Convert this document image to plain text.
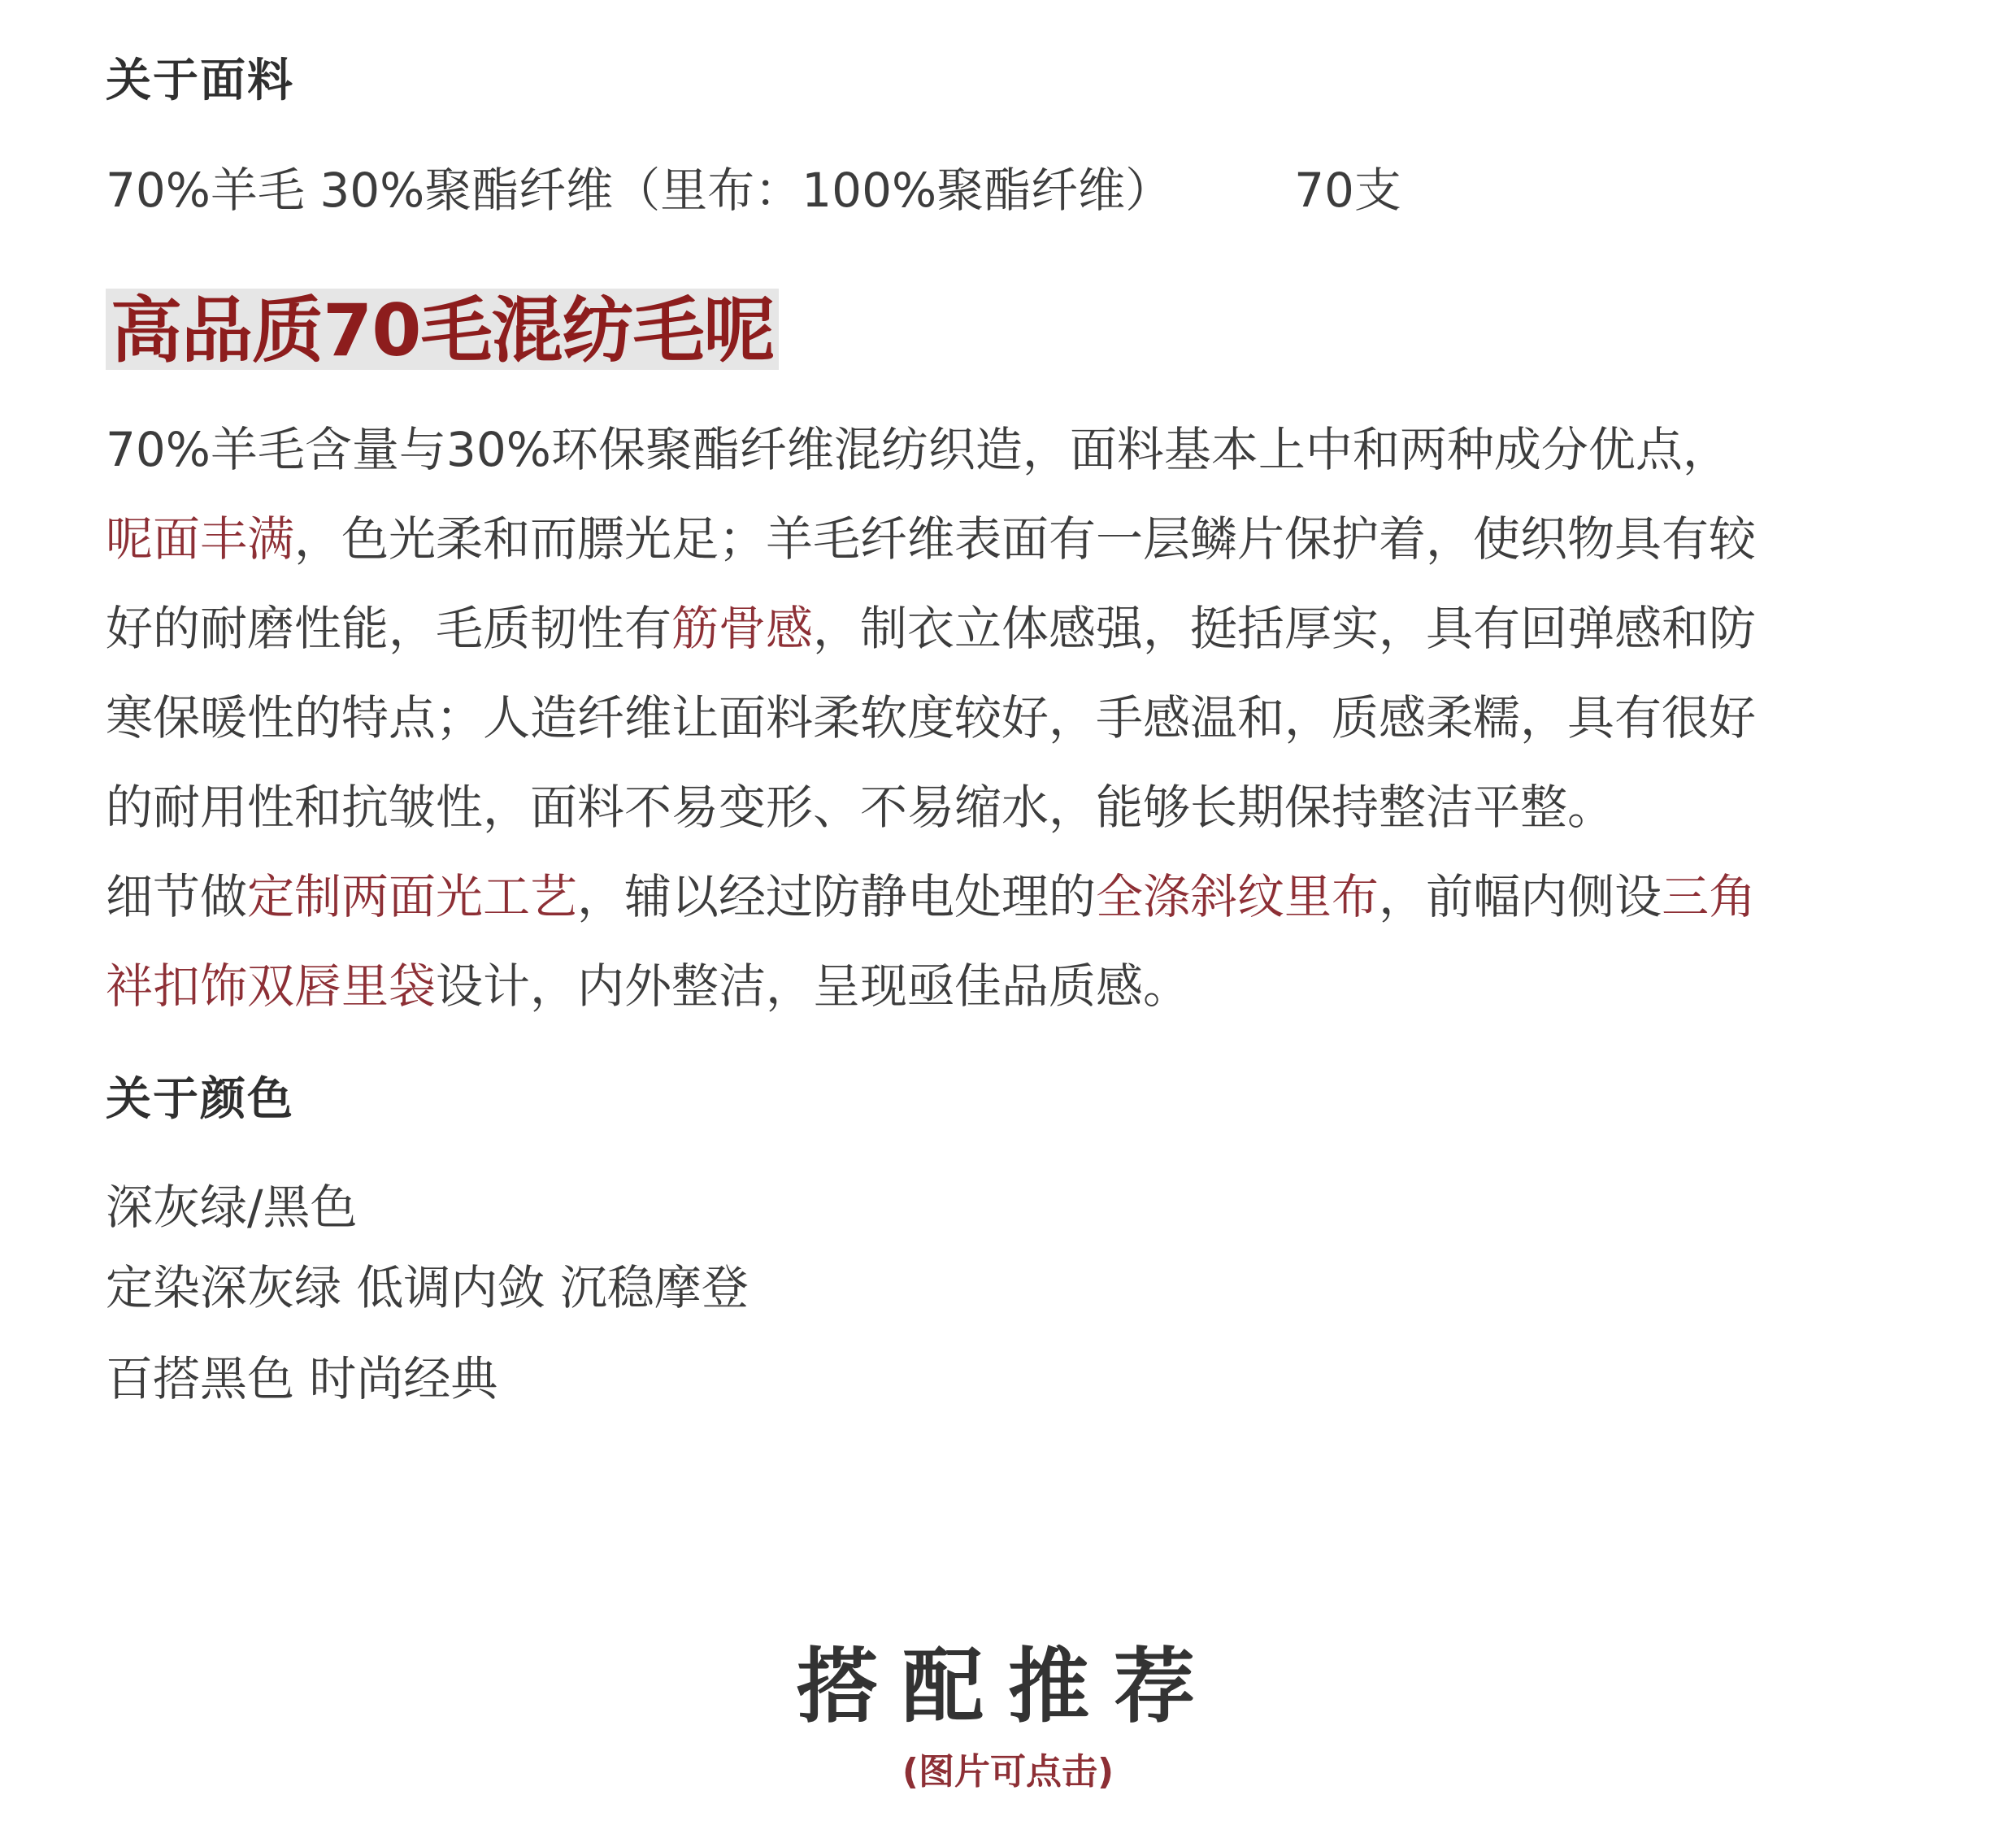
关于面料
70%羊毛 30%聚酯纤维（里布：100%聚酯纤维）	70支
高品质70毛混纺毛呢
70%羊毛含量与30%环保聚酯纤维混纺织造，面料基本上中和两种成分优点，
呢面丰满，色光柔和而膘光足；羊毛纤维表面有一层鳞片保护着，使织物具有较
好的耐磨性能，毛质韧性有筋骨感，制衣立体感强，挺括厚实，具有回弹感和防
寒保暖性的特点；人造纤维让面料柔软度较好，手感温和，质感柔糯，具有很好
的耐用性和抗皱性，面料不易变形、不易缩水，能够长期保持整洁平整。
细节做定制两面光工艺，辅以经过防静电处理的全涤斜纹里布，前幅内侧设三角
袢扣饰双唇里袋设计，内外整洁，呈现亟佳品质感。
关于颜色
深灰绿/黑色
定染深灰绿 低调内敛 沉稳摩登
百搭黑色 时尚经典
搭配推荐
(图片可点击)
